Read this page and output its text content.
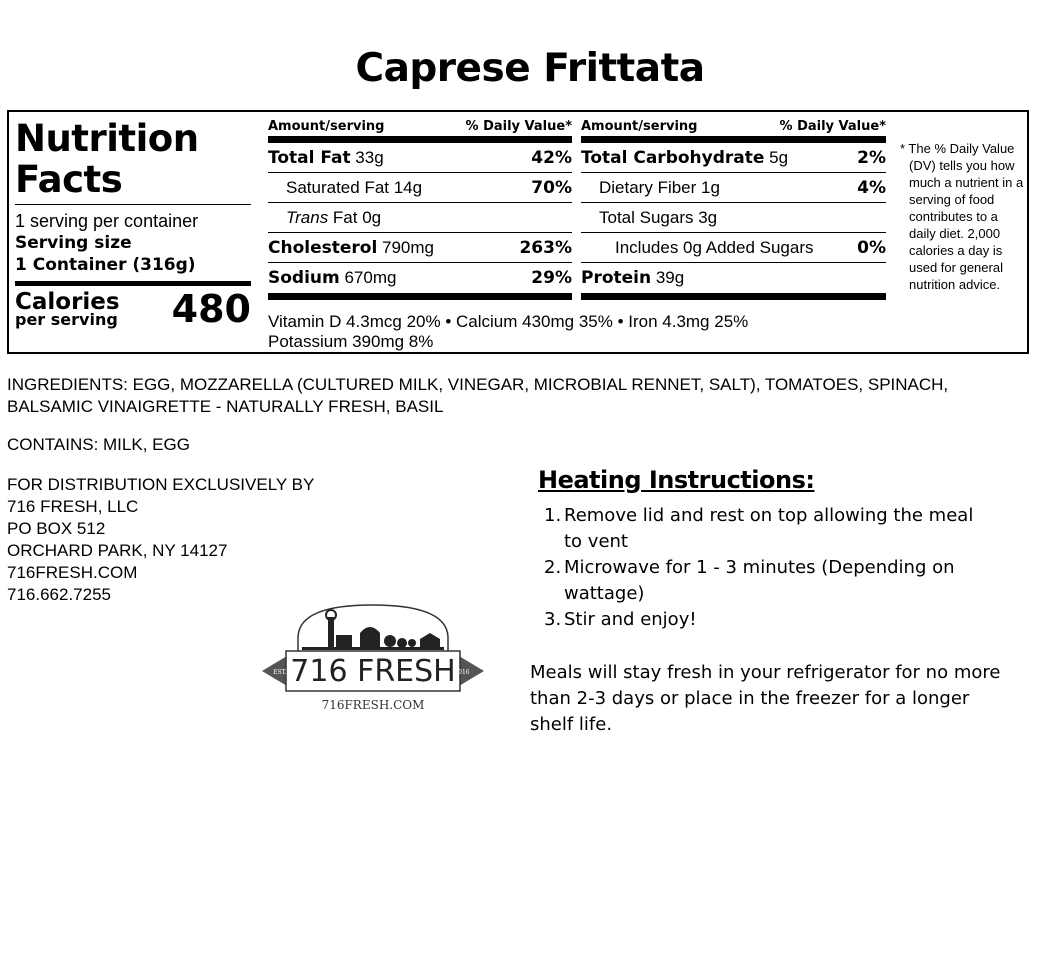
Caprese Frittata
Nutrition
Facts
1 serving per container
Serving size
1 Container (316g)
Calories
per serving 480
Amount/serving	% Daily Value*
Total Fat 33g	42%
Saturated Fat 14g	70%
Trans Fat 0g
Cholesterol 790mg	263%
Sodium 670mg	29%
Amount/serving	% Daily Value*
Total Carbohydrate 5g	2%
Dietary Fiber 1g	4%
Total Sugars 3g
Includes 0g Added Sugars	0%
Protein 39g
Vitamin D 4.3mcg 20% • Calcium 430mg 35% • Iron 4.3mg 25%
Potassium 390mg 8%
* The % Daily Value (DV) tells you how much a nutrient in a serving of food contributes to a daily diet. 2,000 calories a day is used for general nutrition advice.
INGREDIENTS: EGG, MOZZARELLA (CULTURED MILK, VINEGAR, MICROBIAL RENNET, SALT), TOMATOES, SPINACH, BALSAMIC VINAIGRETTE - NATURALLY FRESH, BASIL
CONTAINS: MILK, EGG
FOR DISTRIBUTION EXCLUSIVELY BY
716 FRESH, LLC
PO BOX 512
ORCHARD PARK, NY 14127
716FRESH.COM
716.662.7255
716 FRESH
EST.	2016
716FRESH.COM
Heating Instructions:
1. Remove lid and rest on top allowing the meal to vent
2. Microwave for 1 - 3 minutes (Depending on wattage)
3. Stir and enjoy!
Meals will stay fresh in your refrigerator for no more than 2-3 days or place in the freezer for a longer shelf life.
